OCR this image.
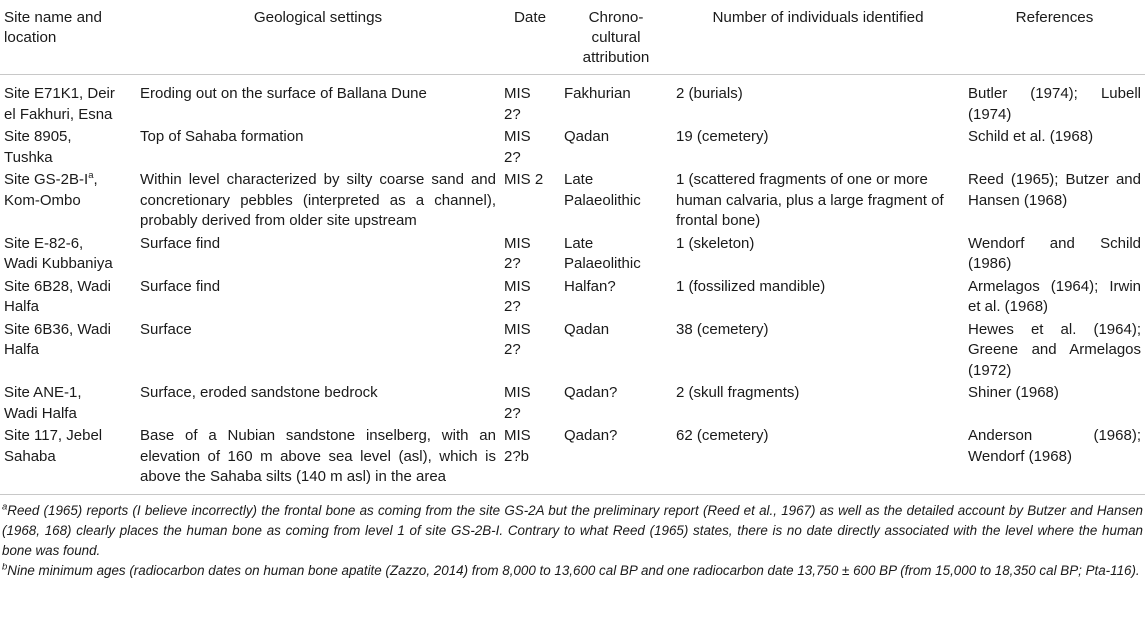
Site name and location	Geological settings	Date	Chrono-cultural attribution	Number of individuals identified	References
Site E71K1, Deir el Fakhuri, Esna	Eroding out on the surface of Ballana Dune	MIS 2?	Fakhurian	2 (burials)	Butler (1974); Lubell (1974)
Site 8905, Tushka	Top of Sahaba formation	MIS 2?	Qadan	19 (cemetery)	Schild et al. (1968)
Site $GS-2B-I^a$, Kom-Ombo	Within level characterized by silty coarse sand and concretionary pebbles (interpreted as a channel), probably derived from older site upstream	MIS 2	Late Palaeolithic	1 (scattered fragments of one or more human calvaria, plus a large fragment of frontal bone)	Reed (1965); Butzer and Hansen (1968)
Site E-82-6, Wadi Kubbaniya	Surface find	MIS 2?	Late Palaeolithic	1 (skeleton)	Wendorf and Schild (1986)
Site 6B28, Wadi Halfa	Surface find	MIS 2?	Halfan?	1 (fossilized mandible)	Armelagos (1964); Irwin et al. (1968)
Site 6B36, Wadi Halfa	Surface	MIS 2?	Qadan	38 (cemetery)	Hewes et al. (1964); Greene and Armelagos (1972)
Site ANE-1, Wadi Halfa	Surface, eroded sandstone bedrock	MIS 2?	Qadan?	2 (skull fragments)	Shiner (1968)
Site 117, Jebel Sahaba	Base of a Nubian sandstone inselberg, with an elevation of 160 m above sea level (asl), which is above the Sahaba silts (140 m asl) in the area	MIS 2?b	Qadan?	62 (cemetery)	Anderson (1968); Wendorf (1968)

$^a$Reed (1965) reports (I believe incorrectly) the frontal bone as coming from the site GS-2A but the preliminary report (Reed et al., 1967) as well as the detailed account by Butzer and Hansen (1968, 168) clearly places the human bone as coming from level 1 of site GS-2B-I. Contrary to what Reed (1965) states, there is no date directly associated with the level where the human bone was found.

$^b$Nine minimum ages (radiocarbon dates on human bone apatite (Zazzo, 2014) from 8,000 to 13,600 cal BP and one radiocarbon date 13,750 ± 600 BP (from 15,000 to 18,350 cal BP; Pta-116).
